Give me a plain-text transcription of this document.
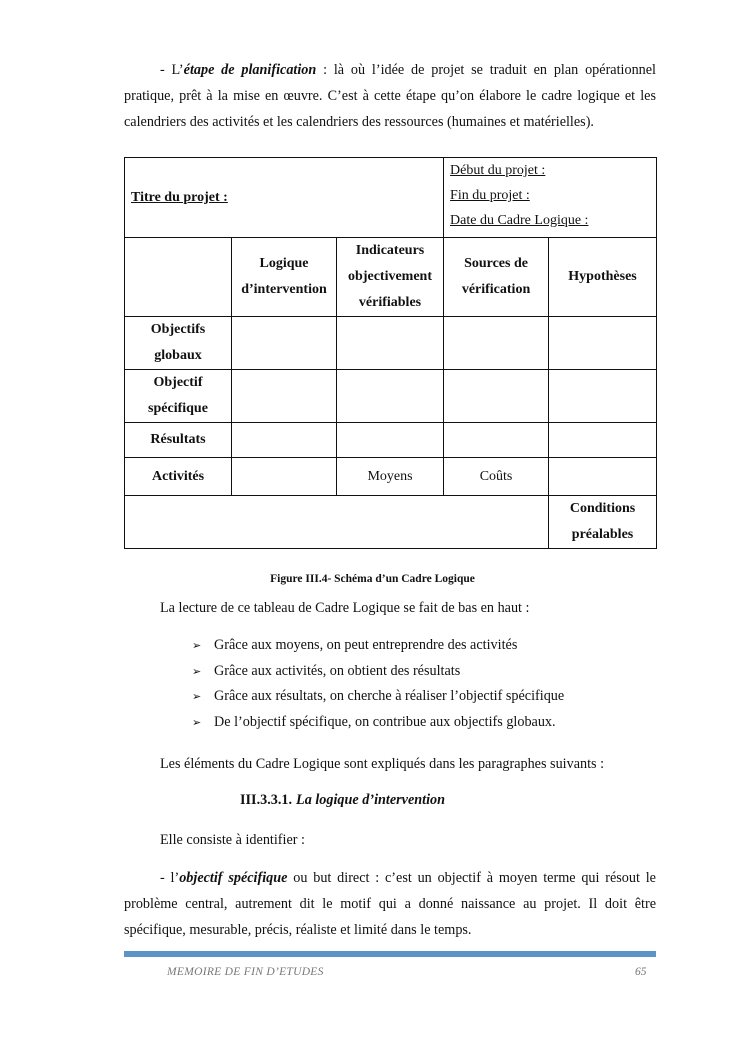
- L’étape de planification : là où l’idée de projet se traduit en plan opérationnel pratique, prêt à la mise en œuvre. C’est à cette étape qu’on élabore le cadre logique et les calendriers des activités et les calendriers des ressources (humaines et matérielles).

Titre du projet :			Début du projet :
Fin du projet :
Date du Cadre Logique :	

	Logique d’intervention	Indicateurs objectivement vérifiables	Sources de vérification	Hypothèses
Objectifs globaux				
Objectif spécifique				
Résultats				
Activités		Moyens	Coûts	
				Conditions préalables
Figure III.4- Schéma d’un Cadre Logique

La lecture de ce tableau de Cadre Logique se fait de bas en haut :

➢ Grâce aux moyens, on peut entreprendre des activités
➢ Grâce aux activités, on obtient des résultats
➢ Grâce aux résultats, on cherche à réaliser l’objectif spécifique
➢ De l’objectif spécifique, on contribue aux objectifs globaux.

Les éléments du Cadre Logique sont expliqués dans les paragraphes suivants :

III.3.3.1. La logique d’intervention

Elle consiste à identifier :

- l’objectif spécifique ou but direct : c’est un objectif à moyen terme qui résout le problème central, autrement dit le motif qui a donné naissance au projet. Il doit être spécifique, mesurable, précis, réaliste et limité dans le temps.

MEMOIRE DE FIN D’ETUDES	65
